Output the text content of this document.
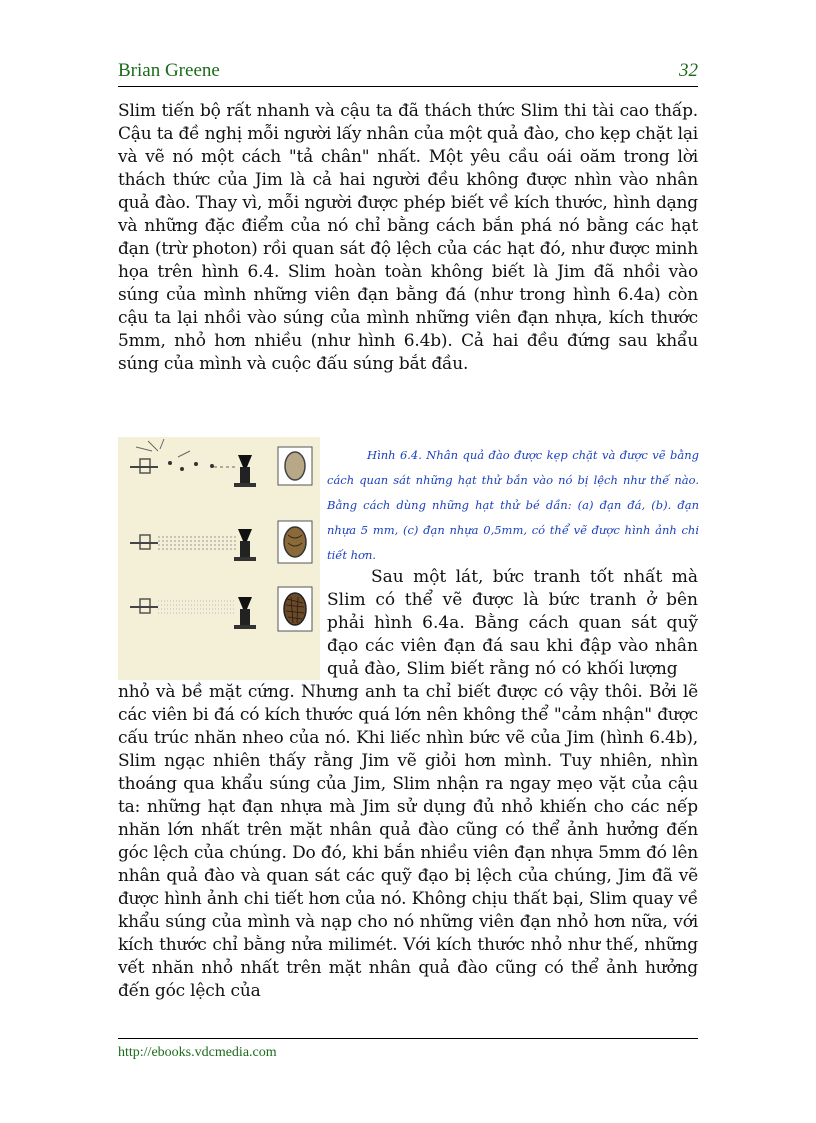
Brian Greene	32

Slim tiến bộ rất nhanh và cậu ta đã thách thức Slim thi tài cao thấp. Cậu ta đề nghị mỗi người lấy nhân của một quả đào, cho kẹp chặt lại và vẽ nó một cách "tả chân" nhất. Một yêu cầu oái oăm trong lời thách thức của Jim là cả hai người đều không được nhìn vào nhân quả đào. Thay vì, mỗi người được phép biết về kích thước, hình dạng và những đặc điểm của nó chỉ bằng cách bắn phá nó bằng các hạt đạn (trừ photon) rồi quan sát độ lệch của các hạt đó, như được minh họa trên hình 6.4. Slim hoàn toàn không biết là Jim đã nhồi vào súng của mình những viên đạn bằng đá (như trong hình 6.4a) còn cậu ta lại nhồi vào súng của mình những viên đạn nhựa, kích thước 5mm, nhỏ hơn nhiều (như hình 6.4b). Cả hai đều đứng sau khẩu súng của mình và cuộc đấu súng bắt đầu.

Hình 6.4. Nhân quả đào được kẹp chặt và được vẽ bằng cách quan sát những hạt thử bắn vào nó bị lệch như thế nào. Bằng cách dùng những hạt thử bé dần: (a) đạn đá, (b). đạn nhựa 5 mm, (c) đạn nhựa 0,5mm, có thể vẽ được hình ảnh chi tiết hơn.

Sau một lát, bức tranh tốt nhất mà Slim có thể vẽ được là bức tranh ở bên phải hình 6.4a. Bằng cách quan sát quỹ đạo các viên đạn đá sau khi đập vào nhân quả đào, Slim biết rằng nó có khối lượng

nhỏ và bề mặt cứng. Nhưng anh ta chỉ biết được có vậy thôi. Bởi lẽ các viên bi đá có kích thước quá lớn nên không thể "cảm nhận" được cấu trúc nhăn nheo của nó. Khi liếc nhìn bức vẽ của Jim (hình 6.4b), Slim ngạc nhiên thấy rằng Jim vẽ giỏi hơn mình. Tuy nhiên, nhìn thoáng qua khẩu súng của Jim, Slim nhận ra ngay mẹo vặt của cậu ta: những hạt đạn nhựa mà Jim sử dụng đủ nhỏ khiến cho các nếp nhăn lớn nhất trên mặt nhân quả đào cũng có thể ảnh hưởng đến góc lệch của chúng. Do đó, khi bắn nhiều viên đạn nhựa 5mm đó lên nhân quả đào và quan sát các quỹ đạo bị lệch của chúng, Jim đã vẽ được hình ảnh chi tiết hơn của nó. Không chịu thất bại, Slim quay về khẩu súng của mình và nạp cho nó những viên đạn nhỏ hơn nữa, với kích thước chỉ bằng nửa milimét. Với kích thước nhỏ như thế, những vết nhăn nhỏ nhất trên mặt nhân quả đào cũng có thể ảnh hưởng đến góc lệch của

http://ebooks.vdcmedia.com
